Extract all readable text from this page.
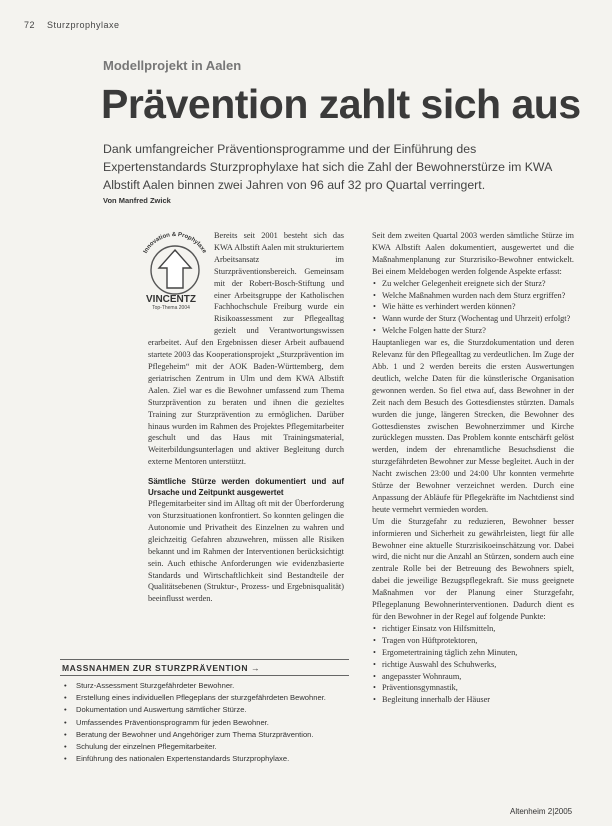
72 Sturzprophylaxe
Modellprojekt in Aalen
Prävention zahlt sich aus

Dank umfangreicher Präventionsprogramme und der Einführung des Expertenstandards Sturzprophylaxe hat sich die Zahl der Bewohnerstürze im KWA Albstift Aalen binnen zwei Jahren von 96 auf 32 pro Quartal verringert.

Von Manfred Zwick
Innovation & Prophylaxe
VINCENTZ
Top-Thema 2004

Bereits seit 2001 besteht sich das KWA Albstift Aalen mit strukturiertem Arbeitsansatz im Sturzpräventionsbereich. Gemeinsam mit der Robert-Bosch-Stiftung und einer Arbeitsgruppe der Katholischen Fachhochschule Freiburg wurde ein Risikoassessment zur Pflegealltag gezielt und Verantwortungswissen erarbeitet. Auf den Ergebnissen dieser Arbeit aufbauend startete 2003 das Kooperationsprojekt „Sturzprävention im Pflegeheim“ mit der AOK Baden-Württemberg, dem geriatrischen Zentrum in Ulm und dem KWA Albstift Aalen. Ziel war es die Bewohner umfassend zum Thema Sturzprävention zu beraten und ihnen die gezieltes Training zur Sturzprävention zu ermöglichen. Darüber hinaus wurden im Rahmen des Projektes Pflegemitarbeiter geschult und das Haus mit Trainingsmaterial, Weiterbildungsunterlagen und aktiver Begleitung durch externe Mentoren unterstützt.

Sämtliche Stürze werden dokumentiert und auf Ursache und Zeitpunkt ausgewertet

Pflegemitarbeiter sind im Alltag oft mit der Überforderung von Sturzsituationen konfrontiert. So konnten gelingen die Autonomie und Privatheit des Einzelnen zu wahren und gleichzeitig Gefahren abzuwehren, müssen alle Risiken bekannt und im Rahmen der Interventionen berücksichtigt sein. Auch ethische Anforderungen wie evidenzbasierte Standards und Wirtschaftlichkeit sind Bestandteile der Qualitätsebenen (Struktur-, Prozess- und Ergebnisqualität) beeinflusst werden.

Seit dem zweiten Quartal 2003 werden sämtliche Stürze im KWA Albstift Aalen dokumentiert, ausgewertet und die Maßnahmenplanung zur Sturzrisiko-Bewohner entwickelt. Bei einem Meldebogen werden folgende Aspekte erfasst:

• Zu welcher Gelegenheit ereignete sich der Sturz?
• Welche Maßnahmen wurden nach dem Sturz ergriffen?
• Wie hätte es verhindert werden können?
• Wann wurde der Sturz (Wochentag und Uhrzeit) erfolgt?
• Welche Folgen hatte der Sturz?

Hauptanliegen war es, die Sturzdokumentation und deren Relevanz für den Pflegealltag zu verdeutlichen. Im Zuge der Abb. 1 und 2 werden bereits die ersten Auswertungen deutlich, welche Daten für die künstlerische Organisation gewonnen werden. So fiel etwa auf, dass Bewohner in der Zeit nach dem Besuch des Gottesdienstes stürzten. Damals wurden die junge, längeren Strecken, die Bewohner des Gottesdienstes zwischen Bewohnerzimmer und Kirche zurücklegen mussten. Das Problem konnte entschärft gelöst werden, indem der ehrenamtliche Besuchsdienst die sturzgefährdeten Bewohner zur Messe begleitet. Auch in der Nacht zwischen 23:00 und 24:00 Uhr konnten vermehrte Stürze der Bewohner verzeichnet werden. Durch eine Anpassung der Abläufe für Pflegekräfte im Nachtdienst sind heute vermehrt vermieden worden.

Um die Sturzgefahr zu reduzieren, Bewohner besser informieren und Sicherheit zu gewährleisten, liegt für alle Bewohner eine aktuelle Sturzrisikoeinschätzung vor. Dabei wird, die nicht nur die Anzahl an Stürzen, sondern auch eine zentrale Rolle bei der Betreuung des Bewohners spielt, dabei die jeweilige Bezugspflegekraft. Sie muss geeignete Maßnahmen vor der Planung einer Sturzgefahr, Pflegeplanung Bewohnerinterventionen. Dadurch dient es für den Bewohner in der Regel auf folgende Punkte:

• richtiger Einsatz von Hilfsmitteln,
• Tragen von Hüftprotektoren,
• Ergometertraining täglich zehn Minuten,
• richtige Auswahl des Schuhwerks,
• angepasster Wohnraum,
• Präventionsgymnastik,
• Begleitung innerhalb der Häuser
MASSNAHMEN ZUR STURZPRÄVENTION →
• Sturz-Assessment Sturzgefährdeter Bewohner.
• Erstellung eines individuellen Pflegeplans der sturzgefährdeten Bewohner.
• Dokumentation und Auswertung sämtlicher Stürze.
• Umfassendes Präventionsprogramm für jeden Bewohner.
• Beratung der Bewohner und Angehöriger zum Thema Sturzprävention.
• Schulung der einzelnen Pflegemitarbeiter.
• Einführung des nationalen Expertenstandards Sturzprophylaxe.
Altenheim 2|2005
